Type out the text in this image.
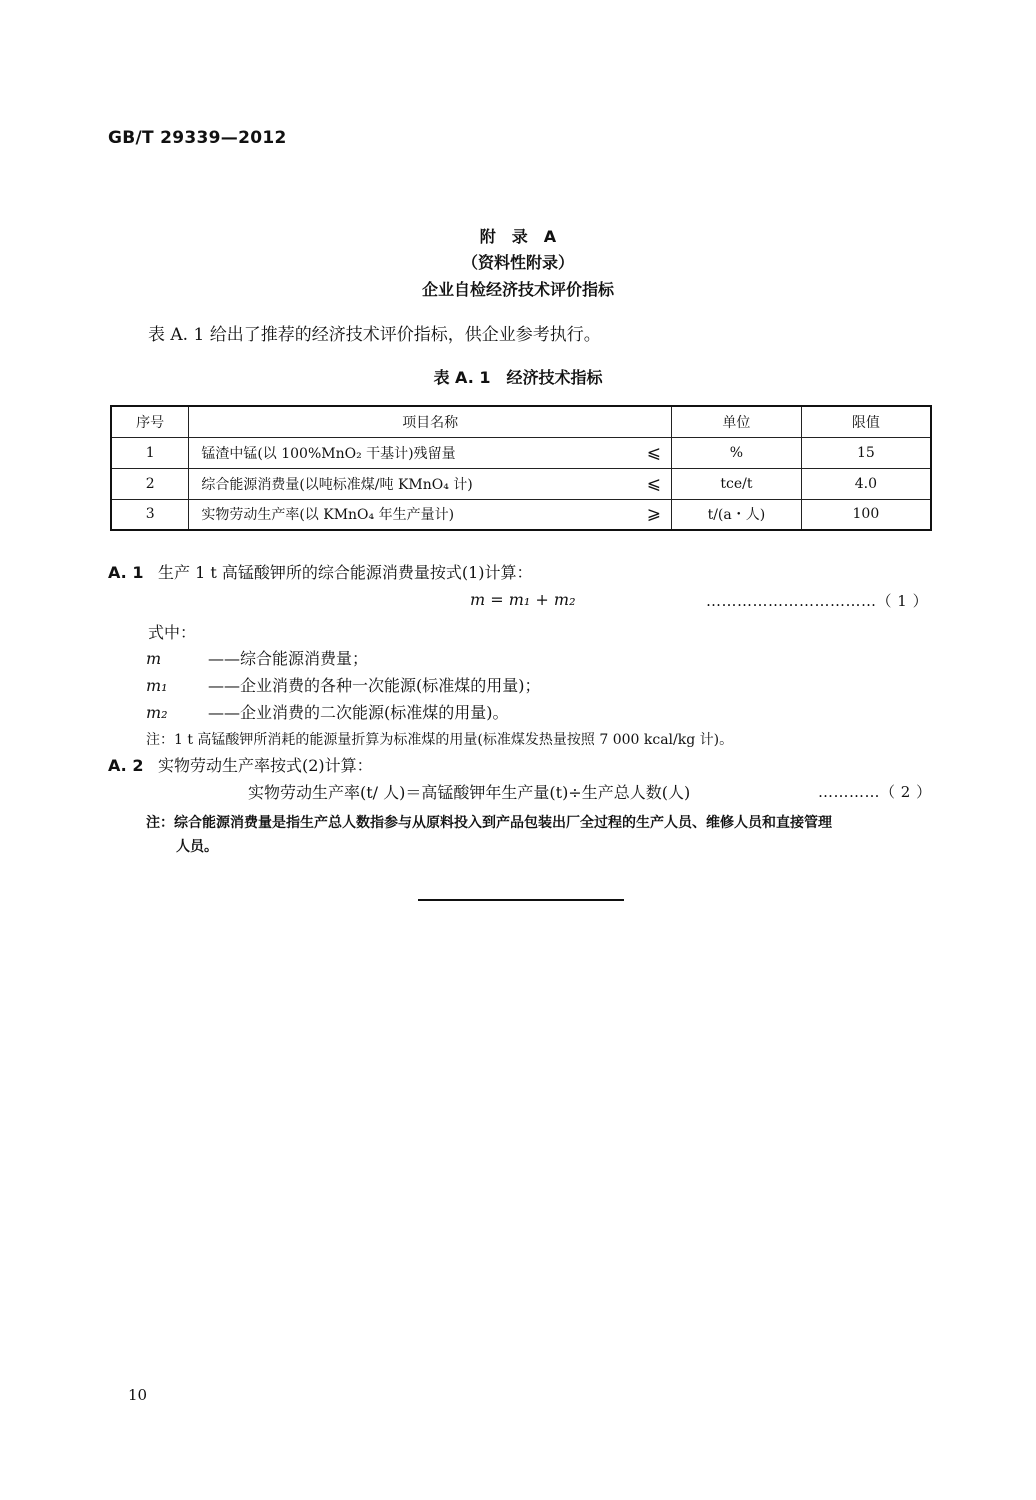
GB/T 29339—2012
附　录　A
（资料性附录）
企业自检经济技术评价指标
表 A. 1 给出了推荐的经济技术评价指标，供企业参考执行。
表 A. 1　经济技术指标
序号	项目名称	单位	限值
1	锰渣中锰(以 100%MnO₂ 干基计)残留量 ⩽	%	15
2	综合能源消费量(以吨标准煤/吨 KMnO₄ 计) ⩽	tce/t	4.0
3	实物劳动生产率(以 KMnO₄ 年生产量计) ⩾	t/(a・人)	100
A. 1 生产 1 t 高锰酸钾所的综合能源消费量按式(1)计算：
m = m₁ + m₂	……………………………（ 1 ）
式中：
m	——综合能源消费量；
m₁	——企业消费的各种一次能源(标准煤的用量)；
m₂	——企业消费的二次能源(标准煤的用量)。
注：1 t 高锰酸钾所消耗的能源量折算为标准煤的用量(标准煤发热量按照 7 000 kcal/kg 计)。
A. 2 实物劳动生产率按式(2)计算：
实物劳动生产率(t/ 人)＝高锰酸钾年生产量(t)÷生产总人数(人)	…………（ 2 ）
注：综合能源消费量是指生产总人数指参与从原料投入到产品包装出厂全过程的生产人员、维修人员和直接管理
人员。
10
